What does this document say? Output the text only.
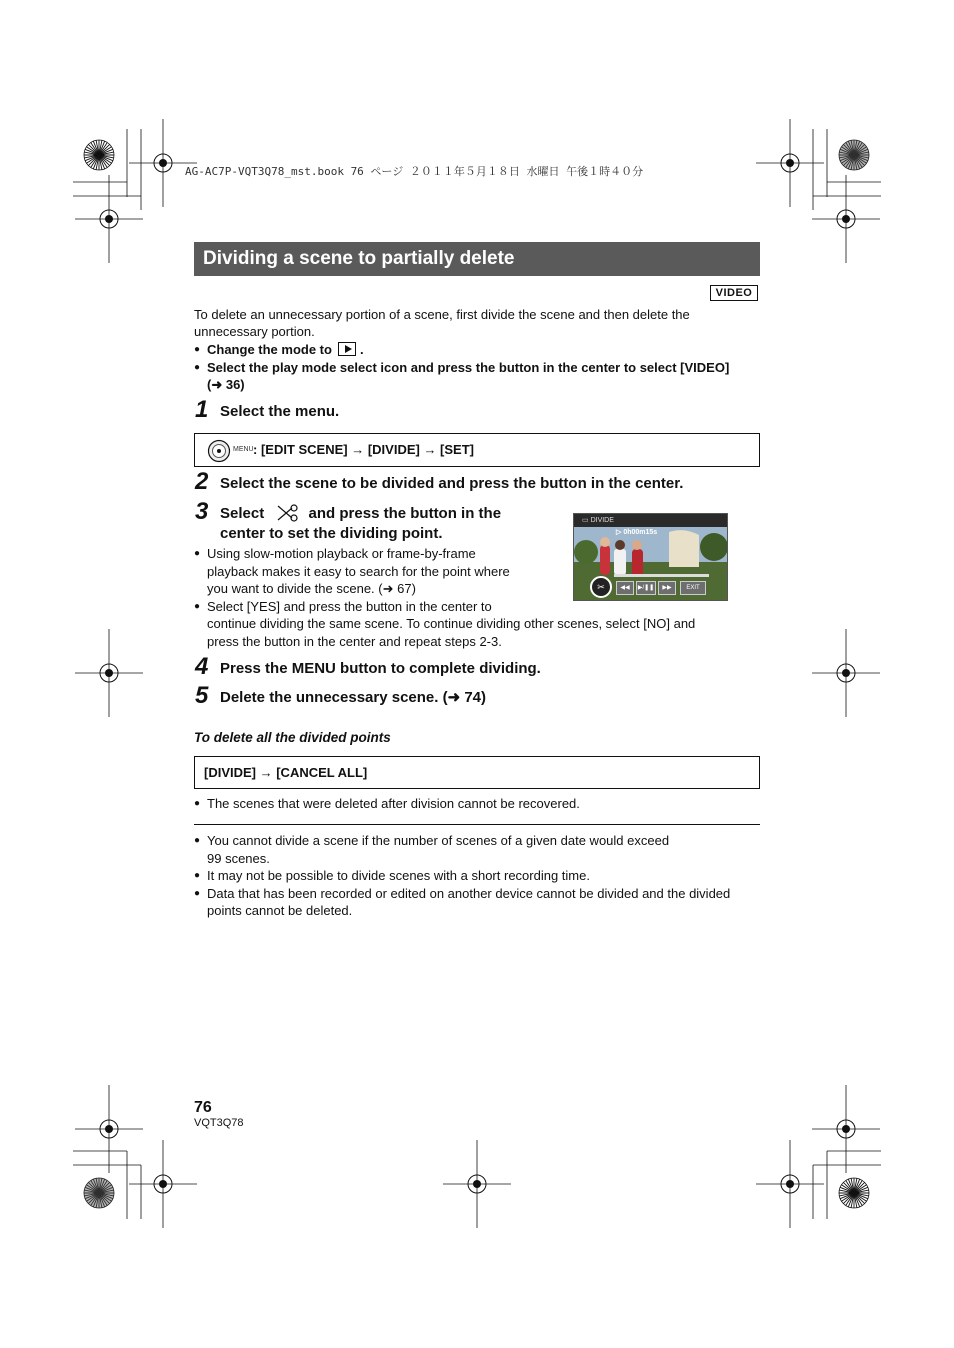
AG-AC7P-VQT3Q78_mst.book 76 ページ ２０１１年５月１８日 水曜日 午後１時４０分
Dividing a scene to partially delete
VIDEO
To delete an unnecessary portion of a scene, first divide the scene and then delete the
unnecessary portion.
● Change the mode to .
● Select the play mode select icon and press the button in the center to select [VIDEO]
(➜ 36)
1 Select the menu.
MENU : [EDIT SCENE] → [DIVIDE] → [SET]
2 Select the scene to be divided and press the button in the center.
3 Select	and press the button in the
center to set the dividing point.
● Using slow-motion playback or frame-by-frame
playback makes it easy to search for the point where
you want to divide the scene. (➜ 67)
● Select [YES] and press the button in the center to
continue dividing the same scene. To continue dividing other scenes, select [NO] and
press the button in the center and repeat steps 2-3.
▭ DIVIDE
▷ 0h00m15s
✂	◀◀	▶/❚❚	▶▶	EXIT
4 Press the MENU button to complete dividing.
5 Delete the unnecessary scene. (➜ 74)
To delete all the divided points
[DIVIDE] → [CANCEL ALL]
● The scenes that were deleted after division cannot be recovered.
● You cannot divide a scene if the number of scenes of a given date would exceed
99 scenes.
● It may not be possible to divide scenes with a short recording time.
● Data that has been recorded or edited on another device cannot be divided and the divided
points cannot be deleted.
76
VQT3Q78
